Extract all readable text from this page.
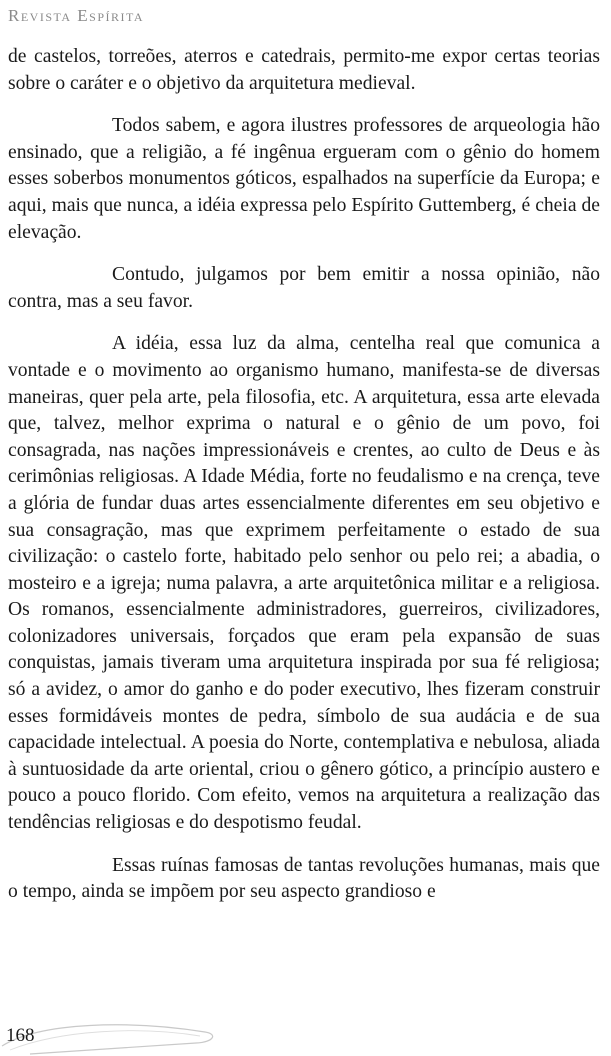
Revista Espírita

de castelos, torreões, aterros e catedrais, permito-me expor certas teorias sobre o caráter e o objetivo da arquitetura medieval.

Todos sabem, e agora ilustres professores de arqueologia hão ensinado, que a religião, a fé ingênua ergueram com o gênio do homem esses soberbos monumentos góticos, espalhados na superfície da Europa; e aqui, mais que nunca, a idéia expressa pelo Espírito Guttemberg, é cheia de elevação.

Contudo, julgamos por bem emitir a nossa opinião, não contra, mas a seu favor.

A idéia, essa luz da alma, centelha real que comunica a vontade e o movimento ao organismo humano, manifesta-se de diversas maneiras, quer pela arte, pela filosofia, etc. A arquitetura, essa arte elevada que, talvez, melhor exprima o natural e o gênio de um povo, foi consagrada, nas nações impressionáveis e crentes, ao culto de Deus e às cerimônias religiosas. A Idade Média, forte no feudalismo e na crença, teve a glória de fundar duas artes essencialmente diferentes em seu objetivo e sua consagração, mas que exprimem perfeitamente o estado de sua civilização: o castelo forte, habitado pelo senhor ou pelo rei; a abadia, o mosteiro e a igreja; numa palavra, a arte arquitetônica militar e a religiosa. Os romanos, essencialmente administradores, guerreiros, civilizadores, colonizadores universais, forçados que eram pela expansão de suas conquistas, jamais tiveram uma arquitetura inspirada por sua fé religiosa; só a avidez, o amor do ganho e do poder executivo, lhes fizeram construir esses formidáveis montes de pedra, símbolo de sua audácia e de sua capacidade intelectual. A poesia do Norte, contemplativa e nebulosa, aliada à suntuosidade da arte oriental, criou o gênero gótico, a princípio austero e pouco a pouco florido. Com efeito, vemos na arquitetura a realização das tendências religiosas e do despotismo feudal.

Essas ruínas famosas de tantas revoluções humanas, mais que o tempo, ainda se impõem por seu aspecto grandioso e

168
